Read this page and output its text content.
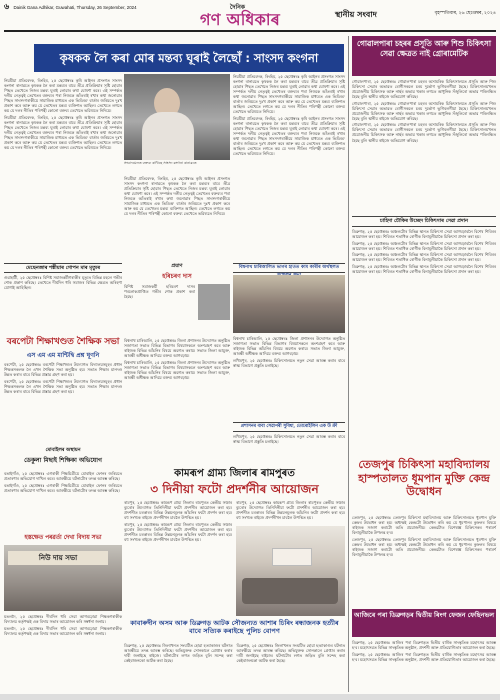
৬ Dainik Gana Adhikar, Guwahati, Thursday, 26 September, 2024	দৈনিক
গণ অধিকাৰ	স্থানীয় সংবাদ	বৃহস্পতিবাৰ, ২৬ ছেপ্তেম্বৰ, ২০২৪

নিয়মীয়া প্ৰতিবেদক, ৰিংহিম, ২৫ ছেপ্তেম্বৰঃ কৃষি আইনৰ প্ৰসংগত সাংসদ কংগনা ৰানাৱতে কৃষকক লৈ কৰা মন্তব্যৰ বাবে তীব্ৰ প্ৰতিক্ৰিয়াৰ সৃষ্টি হোৱাৰ পিছত তেখেতে নিজৰ মন্তব্য ঘূৰাই লোৱাৰ কথা ঘোষণা কৰে। এই সম্পৰ্কত দলীয় নেতৃত্বই তেখেতৰ বক্তব্যৰ পৰা নিজকে আঁতৰাই ৰখাৰ কথা জনোৱাৰ পিছত সাংসদগৰাকীয়ে সামাজিক মাধ্যমত এক ভিডিঅ' বাৰ্তাৰ জৰিয়তে দুঃখ প্ৰকাশ কৰে আৰু কয় যে তেখেতৰ মন্তব্য ব্যক্তিগত আছিল। তেখেতে লগতে কয় যে দলৰ নীতিৰ পৰিপন্থী কোনো বক্তব্য তেখেতে ভৱিষ্যতে নিদিয়ে।

নিয়মীয়া প্ৰতিবেদক, ৰিংহিম, ২৫ ছেপ্তেম্বৰঃ কৃষি আইনৰ প্ৰসংগত সাংসদ কংগনা ৰানাৱতে কৃষকক লৈ কৰা মন্তব্যৰ বাবে তীব্ৰ প্ৰতিক্ৰিয়াৰ সৃষ্টি হোৱাৰ পিছত তেখেতে নিজৰ মন্তব্য ঘূৰাই লোৱাৰ কথা ঘোষণা কৰে। এই সম্পৰ্কত দলীয় নেতৃত্বই তেখেতৰ বক্তব্যৰ পৰা নিজকে আঁতৰাই ৰখাৰ কথা জনোৱাৰ পিছত সাংসদগৰাকীয়ে সামাজিক মাধ্যমত এক ভিডিঅ' বাৰ্তাৰ জৰিয়তে দুঃখ প্ৰকাশ কৰে আৰু কয় যে তেখেতৰ মন্তব্য ব্যক্তিগত আছিল। তেখেতে লগতে কয় যে দলৰ নীতিৰ পৰিপন্থী কোনো বক্তব্য তেখেতে ভৱিষ্যতে নিদিয়ে।

কৃষকক লৈ কৰা মোৰ মন্তব্য ঘূৰাই লৈছোঁ : সাংসদ কংগনা
সংবাদমেলত বক্তব্য ৰাখিছে সাংসদ কংগনা ৰানাৱতে

নিয়মীয়া প্ৰতিবেদক, ৰিংহিম, ২৫ ছেপ্তেম্বৰঃ কৃষি আইনৰ প্ৰসংগত সাংসদ কংগনা ৰানাৱতে কৃষকক লৈ কৰা মন্তব্যৰ বাবে তীব্ৰ প্ৰতিক্ৰিয়াৰ সৃষ্টি হোৱাৰ পিছত তেখেতে নিজৰ মন্তব্য ঘূৰাই লোৱাৰ কথা ঘোষণা কৰে। এই সম্পৰ্কত দলীয় নেতৃত্বই তেখেতৰ বক্তব্যৰ পৰা নিজকে আঁতৰাই ৰখাৰ কথা জনোৱাৰ পিছত সাংসদগৰাকীয়ে সামাজিক মাধ্যমত এক ভিডিঅ' বাৰ্তাৰ জৰিয়তে দুঃখ প্ৰকাশ কৰে আৰু কয় যে তেখেতৰ মন্তব্য ব্যক্তিগত আছিল। তেখেতে লগতে কয় যে দলৰ নীতিৰ পৰিপন্থী কোনো বক্তব্য তেখেতে ভৱিষ্যতে নিদিয়ে।

নিয়মীয়া প্ৰতিবেদক, ৰিংহিম, ২৫ ছেপ্তেম্বৰঃ কৃষি আইনৰ প্ৰসংগত সাংসদ কংগনা ৰানাৱতে কৃষকক লৈ কৰা মন্তব্যৰ বাবে তীব্ৰ প্ৰতিক্ৰিয়াৰ সৃষ্টি হোৱাৰ পিছত তেখেতে নিজৰ মন্তব্য ঘূৰাই লোৱাৰ কথা ঘোষণা কৰে। এই সম্পৰ্কত দলীয় নেতৃত্বই তেখেতৰ বক্তব্যৰ পৰা নিজকে আঁতৰাই ৰখাৰ কথা জনোৱাৰ পিছত সাংসদগৰাকীয়ে সামাজিক মাধ্যমত এক ভিডিঅ' বাৰ্তাৰ জৰিয়তে দুঃখ প্ৰকাশ কৰে আৰু কয় যে তেখেতৰ মন্তব্য ব্যক্তিগত আছিল। তেখেতে লগতে কয় যে দলৰ নীতিৰ পৰিপন্থী কোনো বক্তব্য তেখেতে ভৱিষ্যতে নিদিয়ে।

নিয়মীয়া প্ৰতিবেদক, ৰিংহিম, ২৫ ছেপ্তেম্বৰঃ কৃষি আইনৰ প্ৰসংগত সাংসদ কংগনা ৰানাৱতে কৃষকক লৈ কৰা মন্তব্যৰ বাবে তীব্ৰ প্ৰতিক্ৰিয়াৰ সৃষ্টি হোৱাৰ পিছত তেখেতে নিজৰ মন্তব্য ঘূৰাই লোৱাৰ কথা ঘোষণা কৰে। এই সম্পৰ্কত দলীয় নেতৃত্বই তেখেতৰ বক্তব্যৰ পৰা নিজকে আঁতৰাই ৰখাৰ কথা জনোৱাৰ পিছত সাংসদগৰাকীয়ে সামাজিক মাধ্যমত এক ভিডিঅ' বাৰ্তাৰ জৰিয়তে দুঃখ প্ৰকাশ কৰে আৰু কয় যে তেখেতৰ মন্তব্য ব্যক্তিগত আছিল। তেখেতে লগতে কয় যে দলৰ নীতিৰ পৰিপন্থী কোনো বক্তব্য তেখেতে ভৱিষ্যতে নিদিয়ে।

গোৱালপাৰা চহৰৰ প্ৰসূতি আৰু শিশু চিকিৎসা সেৱা ক্ষেত্ৰত নাই গ্ৰোৰামেটিক

গোৱালপাৰা, ২৫ ছেপ্তেম্বৰঃ গোৱালপাৰা চহৰৰ অসামৰিক চিকিৎসালয়ত প্ৰসূতি আৰু শিশু চিকিৎসা সেৱাৰ অভাৱত ৰোগীসকলে চৰম দুৰ্ভোগ ভুগিবলগীয়া হৈছে। চিকিৎসালয়খনত প্ৰয়োজনীয় চিকিৎসক আৰু নাৰ্ছৰ অভাৱ থকাৰ লগতে আধুনিক সঁজুলিৰো অভাৱ পৰিলক্ষিত হৈছে বুলি স্থানীয় ৰাইজে অভিযোগ কৰিছে।

গোৱালপাৰা, ২৫ ছেপ্তেম্বৰঃ গোৱালপাৰা চহৰৰ অসামৰিক চিকিৎসালয়ত প্ৰসূতি আৰু শিশু চিকিৎসা সেৱাৰ অভাৱত ৰোগীসকলে চৰম দুৰ্ভোগ ভুগিবলগীয়া হৈছে। চিকিৎসালয়খনত প্ৰয়োজনীয় চিকিৎসক আৰু নাৰ্ছৰ অভাৱ থকাৰ লগতে আধুনিক সঁজুলিৰো অভাৱ পৰিলক্ষিত হৈছে বুলি স্থানীয় ৰাইজে অভিযোগ কৰিছে।

গোৱালপাৰা, ২৫ ছেপ্তেম্বৰঃ গোৱালপাৰা চহৰৰ অসামৰিক চিকিৎসালয়ত প্ৰসূতি আৰু শিশু চিকিৎসা সেৱাৰ অভাৱত ৰোগীসকলে চৰম দুৰ্ভোগ ভুগিবলগীয়া হৈছে। চিকিৎসালয়খনত প্ৰয়োজনীয় চিকিৎসক আৰু নাৰ্ছৰ অভাৱ থকাৰ লগতে আধুনিক সঁজুলিৰো অভাৱ পৰিলক্ষিত হৈছে বুলি স্থানীয় ৰাইজে অভিযোগ কৰিছে।

চাহিদা চৌকিৰ উচ্ছেদ চিকিৎসাৰ সেৱা প্ৰদান

ডিব্ৰুগড়, ২৫ ছেপ্তেম্বৰঃ অঞ্চলটোৰ বিভিন্ন স্থানত চিকিৎসা সেৱা আগবঢ়াবলৈ বিশেষ শিবিৰৰ আয়োজন কৰা হয়। শিবিৰত শতাধিক ৰোগীক বিনামূলীয়াকৈ চিকিৎসা প্ৰদান কৰা হয়।

ডিব্ৰুগড়, ২৫ ছেপ্তেম্বৰঃ অঞ্চলটোৰ বিভিন্ন স্থানত চিকিৎসা সেৱা আগবঢ়াবলৈ বিশেষ শিবিৰৰ আয়োজন কৰা হয়। শিবিৰত শতাধিক ৰোগীক বিনামূলীয়াকৈ চিকিৎসা প্ৰদান কৰা হয়।

ডিব্ৰুগড়, ২৫ ছেপ্তেম্বৰঃ অঞ্চলটোৰ বিভিন্ন স্থানত চিকিৎসা সেৱা আগবঢ়াবলৈ বিশেষ শিবিৰৰ আয়োজন কৰা হয়। শিবিৰত শতাধিক ৰোগীক বিনামূলীয়াকৈ চিকিৎসা প্ৰদান কৰা হয়।

ডিব্ৰুগড়, ২৫ ছেপ্তেম্বৰঃ অঞ্চলটোৰ বিভিন্ন স্থানত চিকিৎসা সেৱা আগবঢ়াবলৈ বিশেষ শিবিৰৰ আয়োজন কৰা হয়। শিবিৰত শতাধিক ৰোগীক বিনামূলীয়াকৈ চিকিৎসা প্ৰদান কৰা হয়।

মেছেনজাৰ শঙ্কীয়াৰ গোপন মাৰ মৃত্যুৰ

গুৱাহাটী, ২৫ ছেপ্তেম্বৰঃ বিশিষ্ট সমাজকৰ্মীগৰাকীৰ মৃত্যুত বিভিন্ন মহলে গভীৰ শোক প্ৰকাশ কৰিছে। তেখেতে দীৰ্ঘদিন ধৰি সমাজৰ বিভিন্ন ক্ষেত্ৰত অৰিহণা যোগাই আহিছিল।

প্ৰয়াণ
হৰিচৰণ দাস
বিশিষ্ট সমাজকৰ্মী হৰিচৰণ দাসৰ পৰলোকপ্ৰাপ্তিত গভীৰ শোক প্ৰকাশ কৰা হৈছে।
বিশ্বনাথ চাৰিআলিত ভাগৰ হাতত কাম কাৰীৰ অৰ্থস্থলত
বৰপেটা শিক্ষাখণ্ডত শৈক্ষিক সভা
এস এম এম মান্টিদ্বি প্ৰশ্ন ঘূণনি

বৰপেটা, ২৫ ছেপ্তেম্বৰঃ বৰপেটা শিক্ষাখণ্ডৰ উদ্যোগত বিদ্যালয়সমূহৰ প্ৰধান শিক্ষকসকলক লৈ এখন শৈক্ষিক সভা অনুষ্ঠিত হয়। সভাত শিক্ষাৰ মানদণ্ড উন্নত কৰাৰ বাবে বিভিন্ন প্ৰস্তাৱ গ্ৰহণ কৰা হয়।

বৰপেটা, ২৫ ছেপ্তেম্বৰঃ বৰপেটা শিক্ষাখণ্ডৰ উদ্যোগত বিদ্যালয়সমূহৰ প্ৰধান শিক্ষকসকলক লৈ এখন শৈক্ষিক সভা অনুষ্ঠিত হয়। সভাত শিক্ষাৰ মানদণ্ড উন্নত কৰাৰ বাবে বিভিন্ন প্ৰস্তাৱ গ্ৰহণ কৰা হয়।

বিশ্বনাথ চাৰিআলি, ২৫ ছেপ্তেম্বৰঃ জিলা প্ৰশাসনৰ উদ্যোগত অনুষ্ঠিত সজাগতা সভাত বিভিন্ন বিভাগৰ বিষয়াসকলে অংশগ্ৰহণ কৰে আৰু ৰাইজক বিভিন্ন আঁচনিৰ বিষয়ে অৱগত কৰায়। সভাত জিলা আয়ুক্ত, আৰক্ষী অধীক্ষক আদিয়ে বক্তব্য আগবঢ়ায়।

বিশ্বনাথ চাৰিআলি, ২৫ ছেপ্তেম্বৰঃ জিলা প্ৰশাসনৰ উদ্যোগত অনুষ্ঠিত সজাগতা সভাত বিভিন্ন বিভাগৰ বিষয়াসকলে অংশগ্ৰহণ কৰে আৰু ৰাইজক বিভিন্ন আঁচনিৰ বিষয়ে অৱগত কৰায়। সভাত জিলা আয়ুক্ত, আৰক্ষী অধীক্ষক আদিয়ে বক্তব্য আগবঢ়ায়।

বিশ্বনাথ চাৰিআলি, ২৫ ছেপ্তেম্বৰঃ জিলা প্ৰশাসনৰ উদ্যোগত অনুষ্ঠিত সজাগতা সভাত বিভিন্ন বিভাগৰ বিষয়াসকলে অংশগ্ৰহণ কৰে আৰু ৰাইজক বিভিন্ন আঁচনিৰ বিষয়ে অৱগত কৰায়। সভাত জিলা আয়ুক্ত, আৰক্ষী অধীক্ষক আদিয়ে বক্তব্য আগবঢ়ায়।

লখিমপুৰ, ২৫ ছেপ্তেম্বৰঃ চিকিৎসালয়ত নতুন সেৱা আৰম্ভ কৰাৰ বাবে স্বাস্থ্য বিভাগে প্ৰস্তুতি চলাইছে।

প্ৰশাসনৰ বাবা সেৱাপৰী সুবিধা, তোৰোইলিন এক উ ক্ৰী

লখিমপুৰ, ২৫ ছেপ্তেম্বৰঃ চিকিৎসালয়ত নতুন সেৱা আৰম্ভ কৰাৰ বাবে স্বাস্থ্য বিভাগে প্ৰস্তুতি চলাইছে।

মোবাইলৰ অস্থায়ন
ডেকুলা মিছাই শিক্ষিকা অভিযোগ

বঙাইগাঁও, ২৫ ছেপ্তেম্বৰঃ এগৰাকী শিক্ষয়িত্ৰীয়ে মোবাইল ফোনৰ জৰিয়তে প্ৰতাৰণাৰ অভিযোগ দাখিল কৰে। আৰক্ষীয়ে ঘটনাটোৰ তদন্ত আৰম্ভ কৰিছে।

বঙাইগাঁও, ২৫ ছেপ্তেম্বৰঃ এগৰাকী শিক্ষয়িত্ৰীয়ে মোবাইল ফোনৰ জৰিয়তে প্ৰতাৰণাৰ অভিযোগ দাখিল কৰে। আৰক্ষীয়ে ঘটনাটোৰ তদন্ত আৰম্ভ কৰিছে।

কামৰূপ গ্ৰাম্য জিলাৰ ৰামপুৰত
৩ দিনীয়া ফটো প্ৰদৰ্শনীৰ আয়োজন

ৰামপুৰ, ২৫ ছেপ্তেম্বৰঃ কামৰূপ গ্ৰাম্য জিলাৰ ৰামপুৰত কেন্দ্ৰীয় সঞ্চাৰ ব্যুৰোৰ উদ্যোগত তিনিদিনীয়া ফটো প্ৰদৰ্শনীৰ আয়োজন কৰা হয়। প্ৰদৰ্শনীত চৰকাৰৰ বিভিন্ন উন্নয়নমূলক আঁচনিৰ ফটো প্ৰদৰ্শন কৰা হয়। বহু সংখ্যক ৰাইজে প্ৰদৰ্শনীখন চাবলৈ উপস্থিত হয়।

ৰামপুৰ, ২৫ ছেপ্তেম্বৰঃ কামৰূপ গ্ৰাম্য জিলাৰ ৰামপুৰত কেন্দ্ৰীয় সঞ্চাৰ ব্যুৰোৰ উদ্যোগত তিনিদিনীয়া ফটো প্ৰদৰ্শনীৰ আয়োজন কৰা হয়। প্ৰদৰ্শনীত চৰকাৰৰ বিভিন্ন উন্নয়নমূলক আঁচনিৰ ফটো প্ৰদৰ্শন কৰা হয়। বহু সংখ্যক ৰাইজে প্ৰদৰ্শনীখন চাবলৈ উপস্থিত হয়।

ৰামপুৰ, ২৫ ছেপ্তেম্বৰঃ কামৰূপ গ্ৰাম্য জিলাৰ ৰামপুৰত কেন্দ্ৰীয় সঞ্চাৰ ব্যুৰোৰ উদ্যোগত তিনিদিনীয়া ফটো প্ৰদৰ্শনীৰ আয়োজন কৰা হয়। প্ৰদৰ্শনীত চৰকাৰৰ বিভিন্ন উন্নয়নমূলক আঁচনিৰ ফটো প্ৰদৰ্শন কৰা হয়। বহু সংখ্যক ৰাইজে প্ৰদৰ্শনীখন চাবলৈ উপস্থিত হয়।

হস্তক্ষেত পৰৱৰ্তা দেখা বিদায় সভা
নিউ দায় সভা
তেজপুৰ চিকিৎসা মহাবিদ্যালয় হাস্পতালত ধূমপান মুক্তি কেন্দ্ৰ উদ্বোধন

তেজপুৰ, ২৫ ছেপ্তেম্বৰঃ তেজপুৰ চিকিৎসা মহাবিদ্যালয় আৰু চিকিৎসালয়ত ধূমপান মুক্তি কেন্দ্ৰৰ উদ্বোধন কৰা হয়। অধ্যক্ষই কেন্দ্ৰটো উদ্বোধন কৰি কয় যে ধূমপানৰ কুফলৰ বিষয়ে ৰাইজক সজাগ কৰাটো অতি প্ৰয়োজনীয়। কেন্দ্ৰটোত বিশেষজ্ঞ চিকিৎসকৰ পৰামৰ্শ বিনামূলীয়াকৈ উপলব্ধ হ'ব।

তেজপুৰ, ২৫ ছেপ্তেম্বৰঃ তেজপুৰ চিকিৎসা মহাবিদ্যালয় আৰু চিকিৎসালয়ত ধূমপান মুক্তি কেন্দ্ৰৰ উদ্বোধন কৰা হয়। অধ্যক্ষই কেন্দ্ৰটো উদ্বোধন কৰি কয় যে ধূমপানৰ কুফলৰ বিষয়ে ৰাইজক সজাগ কৰাটো অতি প্ৰয়োজনীয়। কেন্দ্ৰটোত বিশেষজ্ঞ চিকিৎসকৰ পৰামৰ্শ বিনামূলীয়াকৈ উপলব্ধ হ'ব।

কাবাৰুদীন অসম আৰু ডিব্ৰুগড় আটক সৌজন্যত আশাৰ চিৰিং ৰন্ধাজনক হত্যীৰ বাবে সত্যিক কৰাইছে পুলিচ বোপণ

মঙলদৈ, ২৫ ছেপ্তেম্বৰঃ দীৰ্ঘদিন ধৰি সেৱা আগবঢ়োৱা শিক্ষকগৰাকীক বিদ্যালয় কৰ্তৃপক্ষই এক বিদায় সভাৰ আয়োজন কৰি সম্বৰ্ধনা জনায়।

মঙলদৈ, ২৫ ছেপ্তেম্বৰঃ দীৰ্ঘদিন ধৰি সেৱা আগবঢ়োৱা শিক্ষকগৰাকীক বিদ্যালয় কৰ্তৃপক্ষই এক বিদায় সভাৰ আয়োজন কৰি সম্বৰ্ধনা জনায়।

ডিব্ৰুগড়, ২৫ ছেপ্তেম্বৰঃ জিলাখনত সংঘটিত হোৱা হত্যাকাণ্ডৰ ঘটনাত আৰক্ষীয়ে তদন্ত আৰম্ভ কৰিছে। অভিযুক্তক সোনকালে গ্ৰেপ্তাৰ কৰাৰ দাবী জনাইছে ৰাইজে। ঘটনাটোৰ লগত জড়িত বুলি সন্দেহ কৰা কেইবাজনকো আটক কৰা হৈছে।

ডিব্ৰুগড়, ২৫ ছেপ্তেম্বৰঃ জিলাখনত সংঘটিত হোৱা হত্যাকাণ্ডৰ ঘটনাত আৰক্ষীয়ে তদন্ত আৰম্ভ কৰিছে। অভিযুক্তক সোনকালে গ্ৰেপ্তাৰ কৰাৰ দাবী জনাইছে ৰাইজে। ঘটনাটোৰ লগত জড়িত বুলি সন্দেহ কৰা কেইবাজনকো আটক কৰা হৈছে।

আজিৰে পৰা ডিব্ৰুগড়ৰ দ্বিতীয় ৰিংগ ফেজন ফেছিনভল

ডিব্ৰুগড়, ২৫ ছেপ্তেম্বৰঃ আজিৰ পৰা ডিব্ৰুগড়ত দ্বিতীয় বাৰ্ষিক সাংস্কৃতিক মহোৎসৱ আৰম্ভ হ'ব। মহোৎসৱত বিভিন্ন সাংস্কৃতিক অনুষ্ঠান, প্ৰদৰ্শনী আৰু প্ৰতিযোগিতাৰ আয়োজন কৰা হৈছে।

ডিব্ৰুগড়, ২৫ ছেপ্তেম্বৰঃ আজিৰ পৰা ডিব্ৰুগড়ত দ্বিতীয় বাৰ্ষিক সাংস্কৃতিক মহোৎসৱ আৰম্ভ হ'ব। মহোৎসৱত বিভিন্ন সাংস্কৃতিক অনুষ্ঠান, প্ৰদৰ্শনী আৰু প্ৰতিযোগিতাৰ আয়োজন কৰা হৈছে।
